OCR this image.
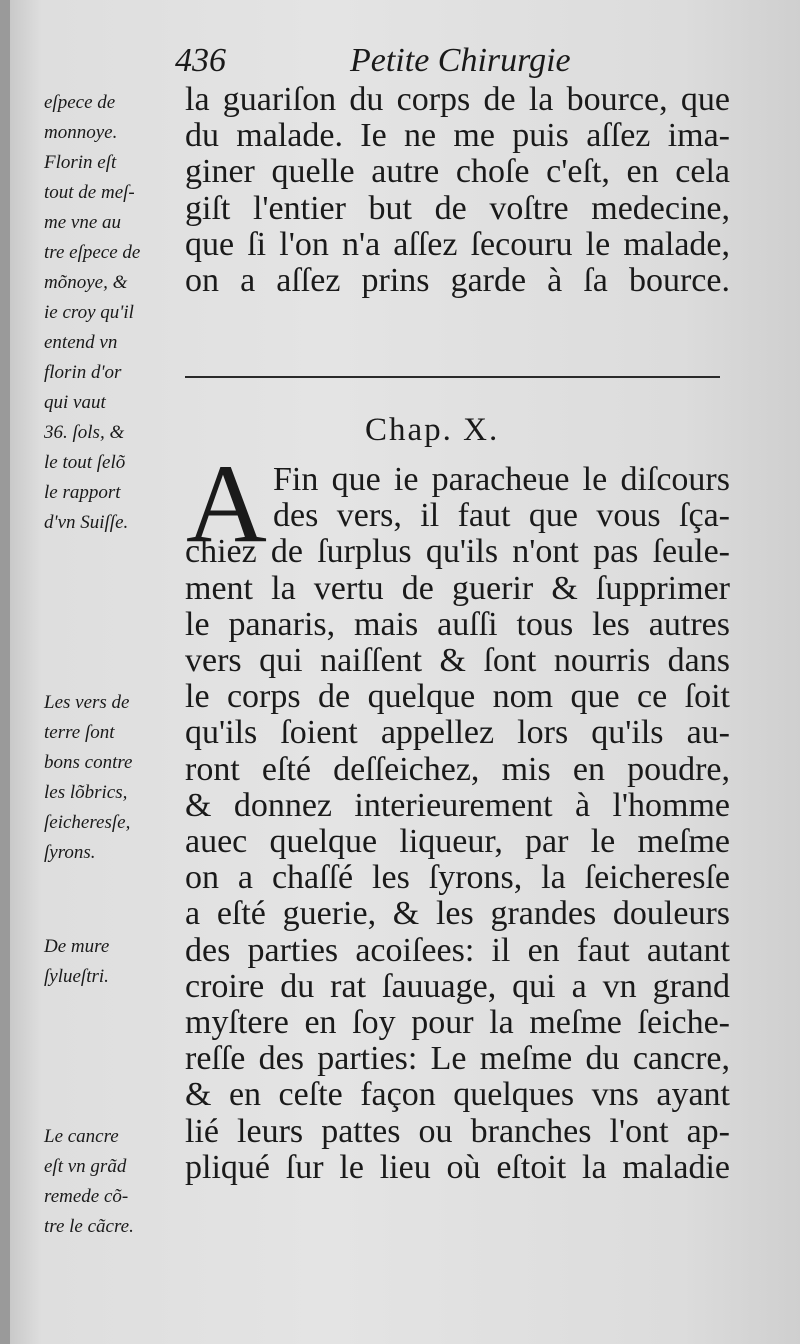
436	Petite Chirurgie
la guariſon du corps de la bource, que
du malade. Ie ne me puis aſſez ima-
giner quelle autre choſe c'eſt, en cela
giſt l'entier but de voſtre medecine,
que ſi l'on n'a aſſez ſecouru le malade,
on a aſſez prins garde à ſa bource.
Chap. X.
A Fin que ie paracheue le diſcours
des vers, il faut que vous ſça-
chiez de ſurplus qu'ils n'ont pas ſeule-
ment la vertu de guerir & ſupprimer
le panaris, mais auſſi tous les autres
vers qui naiſſent & ſont nourris dans
le corps de quelque nom que ce ſoit
qu'ils ſoient appellez lors qu'ils au-
ront eſté deſſeichez, mis en poudre,
& donnez interieurement à l'homme
auec quelque liqueur, par le meſme
on a chaſſé les ſyrons, la ſeicheresſe
a eſté guerie, & les grandes douleurs
des parties acoiſees: il en faut autant
croire du rat ſauuage, qui a vn grand
myſtere en ſoy pour la meſme ſeiche-
reſſe des parties: Le meſme du cancre,
& en ceſte façon quelques vns ayant
lié leurs pattes ou branches l'ont ap-
pliqué ſur le lieu où eſtoit la maladie
eſpece de
monnoye.
Florin eſt
tout de meſ-
me vne au
tre eſpece de
mõnoye, &
ie croy qu'il
entend vn
florin d'or
qui vaut
36. ſols, &
le tout ſelõ
le rapport
d'vn Suiſſe.
Les vers de
terre ſont
bons contre
les lõbrics,
ſeicheresſe,
ſyrons.
De mure
ſylueſtri.
Le cancre
eſt vn grãd
remede cõ-
tre le cãcre.
